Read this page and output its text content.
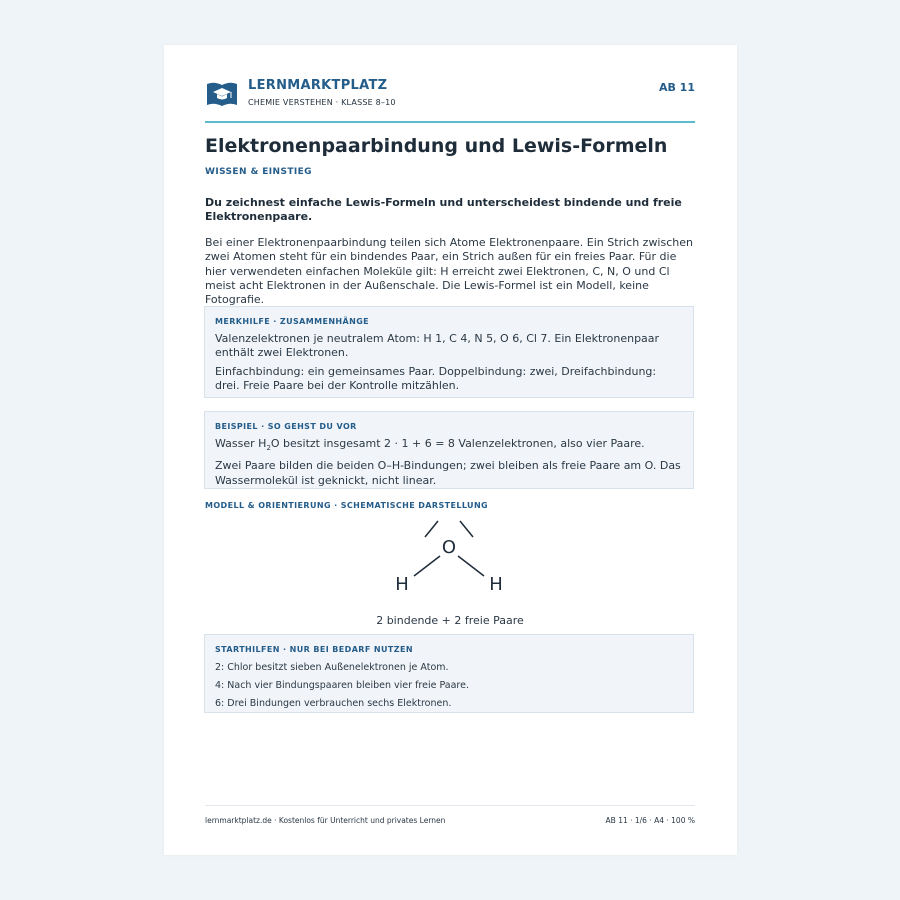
LERNMARKTPLATZ
CHEMIE VERSTEHEN · KLASSE 8–10
AB 11
Elektronenpaarbindung und Lewis-Formeln
WISSEN & EINSTIEG
Du zeichnest einfache Lewis-Formeln und unterscheidest bindende und freie Elektronenpaare.
Bei einer Elektronenpaarbindung teilen sich Atome Elektronenpaare. Ein Strich zwischen zwei Atomen steht für ein bindendes Paar, ein Strich außen für ein freies Paar. Für die hier verwendeten einfachen Moleküle gilt: H erreicht zwei Elektronen, C, N, O und Cl meist acht Elektronen in der Außenschale. Die Lewis-Formel ist ein Modell, keine Fotografie.
MERKHILFE · ZUSAMMENHÄNGE

Valenzelektronen je neutralem Atom: H 1, C 4, N 5, O 6, Cl 7. Ein Elektronenpaar enthält zwei Elektronen.

Einfachbindung: ein gemeinsames Paar. Doppelbindung: zwei, Dreifachbindung: drei. Freie Paare bei der Kontrolle mitzählen.

BEISPIEL · SO GEHST DU VOR

Wasser $H_2O$ besitzt insgesamt 2 · 1 + 6 = 8 Valenzelektronen, also vier Paare.

Zwei Paare bilden die beiden O–H-Bindungen; zwei bleiben als freie Paare am O. Das Wassermolekül ist geknickt, nicht linear.

MODELL & ORIENTIERUNG · SCHEMATISCHE DARSTELLUNG
O
H	H
2 bindende + 2 freie Paare
STARTHILFEN · NUR BEI BEDARF NUTZEN

2: Chlor besitzt sieben Außenelektronen je Atom.

4: Nach vier Bindungspaaren bleiben vier freie Paare.

6: Drei Bindungen verbrauchen sechs Elektronen.

lernmarktplatz.de · Kostenlos für Unterricht und privates Lernen	AB 11 · 1/6 · A4 · 100 %
